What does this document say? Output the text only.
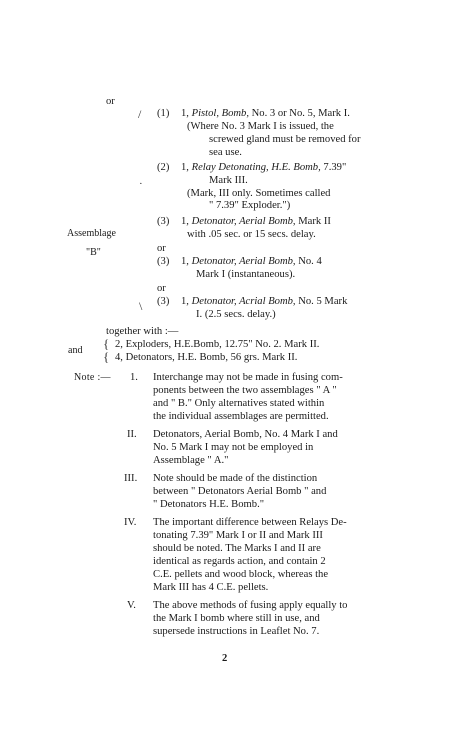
or
Assemblage
"B"
/
·
\
(1) 1, Pistol, Bomb, No. 3 or No. 5, Mark I.
(Where No. 3 Mark I is issued, the
screwed gland must be removed for
sea use.
(2) 1, Relay Detonating, H.E. Bomb, 7.39"
Mark III.
(Mark, III only. Sometimes called
" 7.39" Exploder.")
(3) 1, Detonator, Aerial Bomb, Mark II
with .05 sec. or 15 secs. delay.
or
(3) 1, Detonator, Aerial Bomb, No. 4
Mark I (instantaneous).
or
(3) 1, Detonator, Acrial Bomb, No. 5 Mark
I. (2.5 secs. delay.)
together with :—
and {
{
2, Exploders, H.E.Bomb, 12.75" No. 2. Mark II.
4, Detonators, H.E. Bomb, 56 grs. Mark II.
Note :— 1. Interchange may not be made in fusing com-
ponents between the two assemblages " A "
and " B." Only alternatives stated within
the individual assemblages are permitted.
II. Detonators, Aerial Bomb, No. 4 Mark I and
No. 5 Mark I may not be employed in
Assemblage " A."
III. Note should be made of the distinction
between " Detonators Aerial Bomb " and
" Detonators H.E. Bomb."
IV. The important difference between Relays De-
tonating 7.39" Mark I or II and Mark III
should be noted. The Marks I and II are
identical as regards action, and contain 2
C.E. pellets and wood block, whereas the
Mark III has 4 C.E. pellets.
V. The above methods of fusing apply equally to
the Mark I bomb where still in use, and
supersede instructions in Leaflet No. 7.
2
